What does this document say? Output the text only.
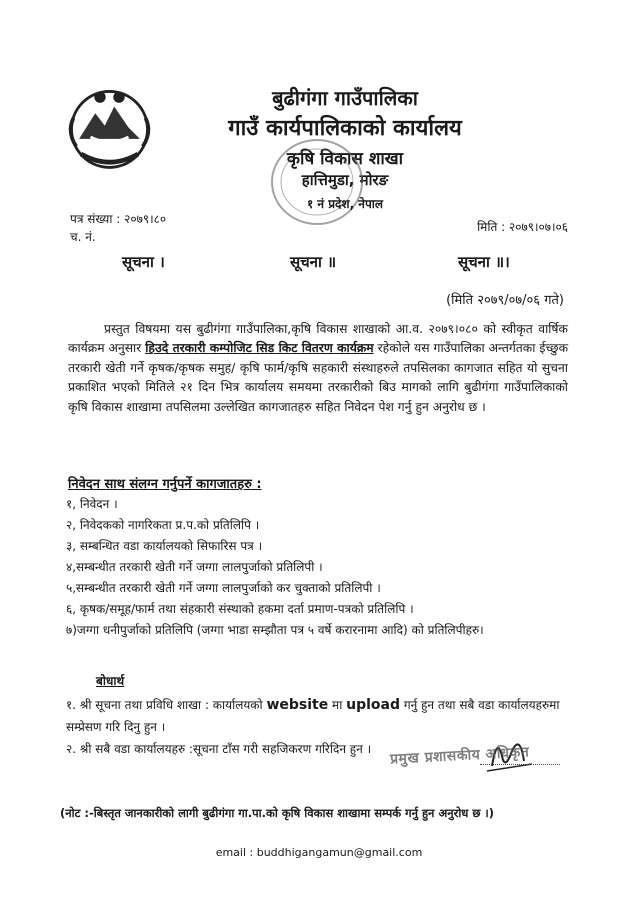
बुढीगंगा गाउँपालिका
गाउँ कार्यपालिकाको कार्यालय
कृषि विकास शाखा
हात्तिमुडा, मोरङ
१ नं प्रदेश, नेपाल
पत्र संख्या : २०७९।८०
मिति : २०७९।०७।०६
च. नं.
सूचना ।	सूचना ॥	सूचना ॥।
(मिति २०७९/०७/०६ गते)
प्रस्तुत विषयमा यस बुढीगंगा गाउँपालिका,कृषि विकास शाखाको आ.व. २०७९।०८० को स्वीकृत वार्षिक कार्यक्रम अनुसार हिउदे तरकारी कम्पोजिट सिड किट वितरण कार्यक्रम रहेकोले यस गाउँपालिका अन्तर्गतका ईच्छुक तरकारी खेती गर्ने कृषक/कृषक समुह/ कृषि फार्म/कृषि सहकारी संस्थाहरुले तपसिलका कागजात सहित यो सुचना प्रकाशित भएको मितिले २१ दिन भित्र कार्यालय समयमा तरकारीको बिउ मागको लागि बुढीगंगा गाउँपालिकाको कृषि विकास शाखामा तपसिलमा उल्लेखित कागजातहरु सहित निवेदन पेश गर्नु हुन अनुरोध छ ।
निवेदन साथ संलग्न गर्नुपर्ने कागजातहरु :
१, निवेदन ।
२, निवेदकको नागरिकता प्र.प.को प्रतिलिपि ।
३, सम्बन्धित वडा कार्यालयको सिफारिस पत्र ।
४,सम्बन्धीत तरकारी खेती गर्ने जग्गा लालपुर्जाको प्रतिलिपी ।
५,सम्बन्धीत तरकारी खेती गर्ने जग्गा लालपुर्जाको कर चुक्ताको प्रतिलिपी ।
६, कृषक/समूह/फार्म तथा संहकारी संस्थाको हकमा दर्ता प्रमाण-पत्रको प्रतिलिपि ।
७)जग्गा धनीपुर्जाको प्रतिलिपि (जग्गा भाडा सम्झौता पत्र ५ वर्षे करारनामा आदि) को प्रतिलिपीहरु।
बोधार्थ
१. श्री सूचना तथा प्रविधि शाखा : कार्यालयको website मा upload गर्नु हुन तथा सबै वडा कार्यालयहरुमा सम्प्रेसण गरि दिनु हुन ।
२. श्री सबै वडा कार्यालयहरु :सूचना टाँस गरी सहजिकरण गरिदिन हुन ।	प्रमुख प्रशासकीय अधिकृत
(नोट :-बिस्तृत जानकारीको लागी बुढीगंगा गा.पा.को कृषि विकास शाखामा सम्पर्क गर्नु हुन अनुरोध छ ।)
email : buddhigangamun@gmail.com
